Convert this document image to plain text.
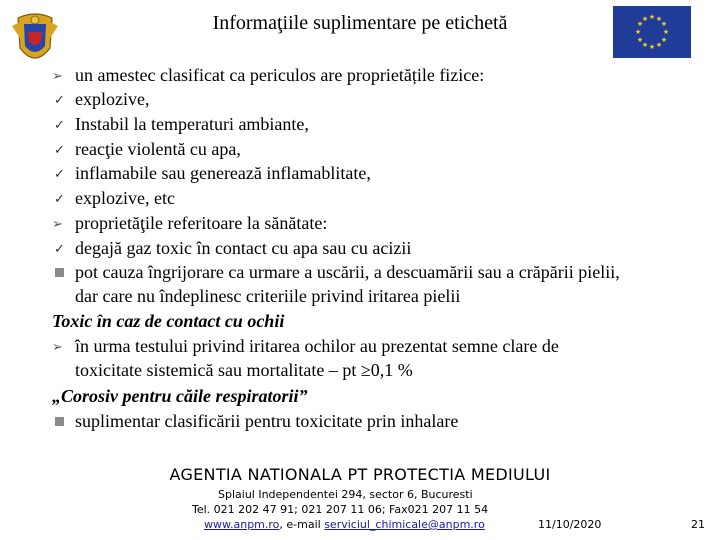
Informaţiile suplimentare pe etichetă	★ ★
★
★
★
★
★
★
★
★
★
★
➢ un amestec clasificat ca periculos are proprietățile fizice:
✓ explozive,
✓ Instabil la temperaturi ambiante,
✓ reacţie violentă cu apa,
✓ inflamabile sau generează inflamablitate,
✓ explozive, etc
➢ proprietăţile referitoare la sănătate:
✓ degajă gaz toxic în contact cu apa sau cu acizii
pot cauza îngrijorare ca urmare a uscării, a descuamării sau a crăpării pielii,
dar care nu îndeplinesc criteriile privind iritarea pielii
Toxic în caz de contact cu ochii
➢ în urma testului privind iritarea ochilor au prezentat semne clare de
toxicitate sistemică sau mortalitate – pt ≥0,1 %
„Corosiv pentru căile respiratorii”
suplimentar clasificării pentru toxicitate prin inhalare
AGENTIA NATIONALA PT PROTECTIA MEDIULUI
Splaiul Independentei 294, sector 6, Bucuresti
Tel. 021 202 47 91; 021 207 11 06; Fax021 207 11 54
www.anpm.ro, e-mail serviciul_chimicale@anpm.ro	11/10/2020	21
